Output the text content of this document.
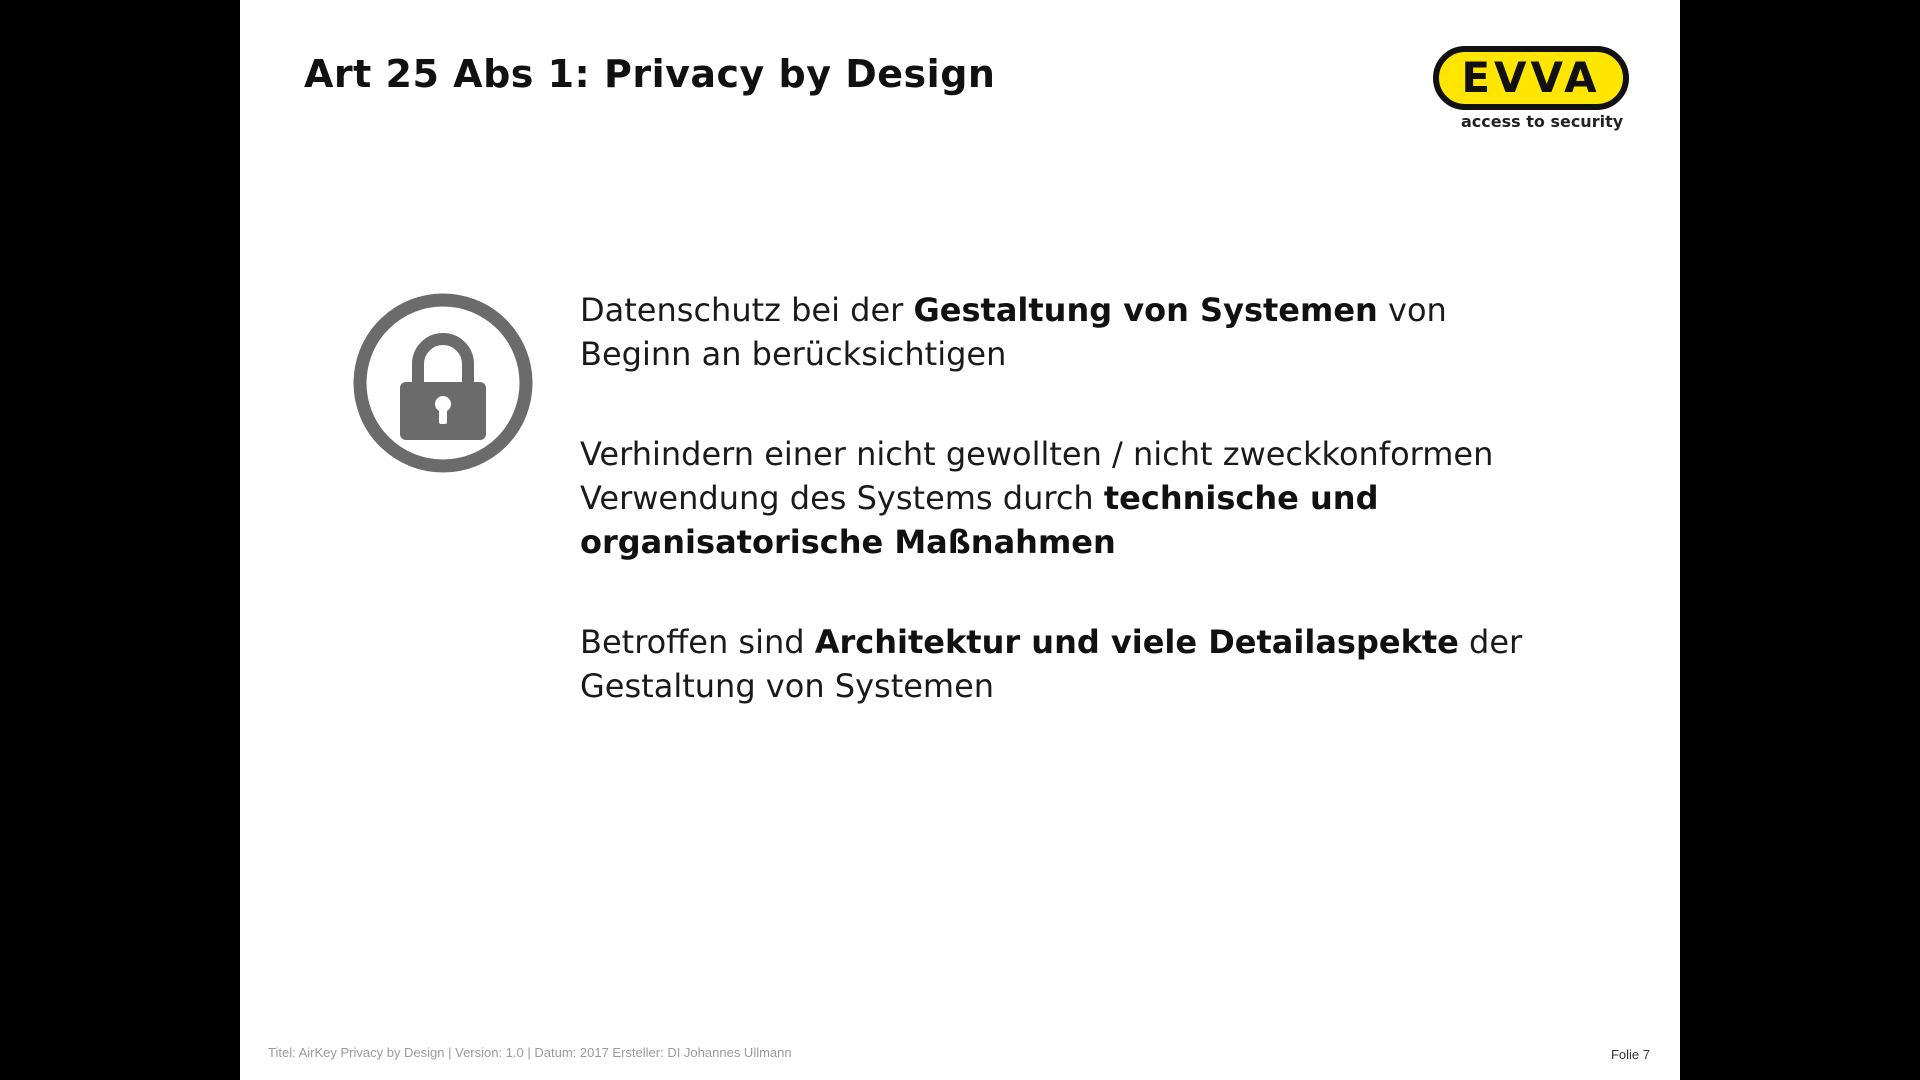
Art 25 Abs 1: Privacy by Design	EVVA
access to security

Datenschutz bei der Gestaltung von Systemen von Beginn an berücksichtigen

Verhindern einer nicht gewollten / nicht zweckkonformen Verwendung des Systems durch technische und organisatorische Maßnahmen

Betroffen sind Architektur und viele Detailaspekte der Gestaltung von Systemen

Titel: AirKey Privacy by Design | Version: 1.0 | Datum: 2017 Ersteller: DI Johannes Ullmann	Folie 7
